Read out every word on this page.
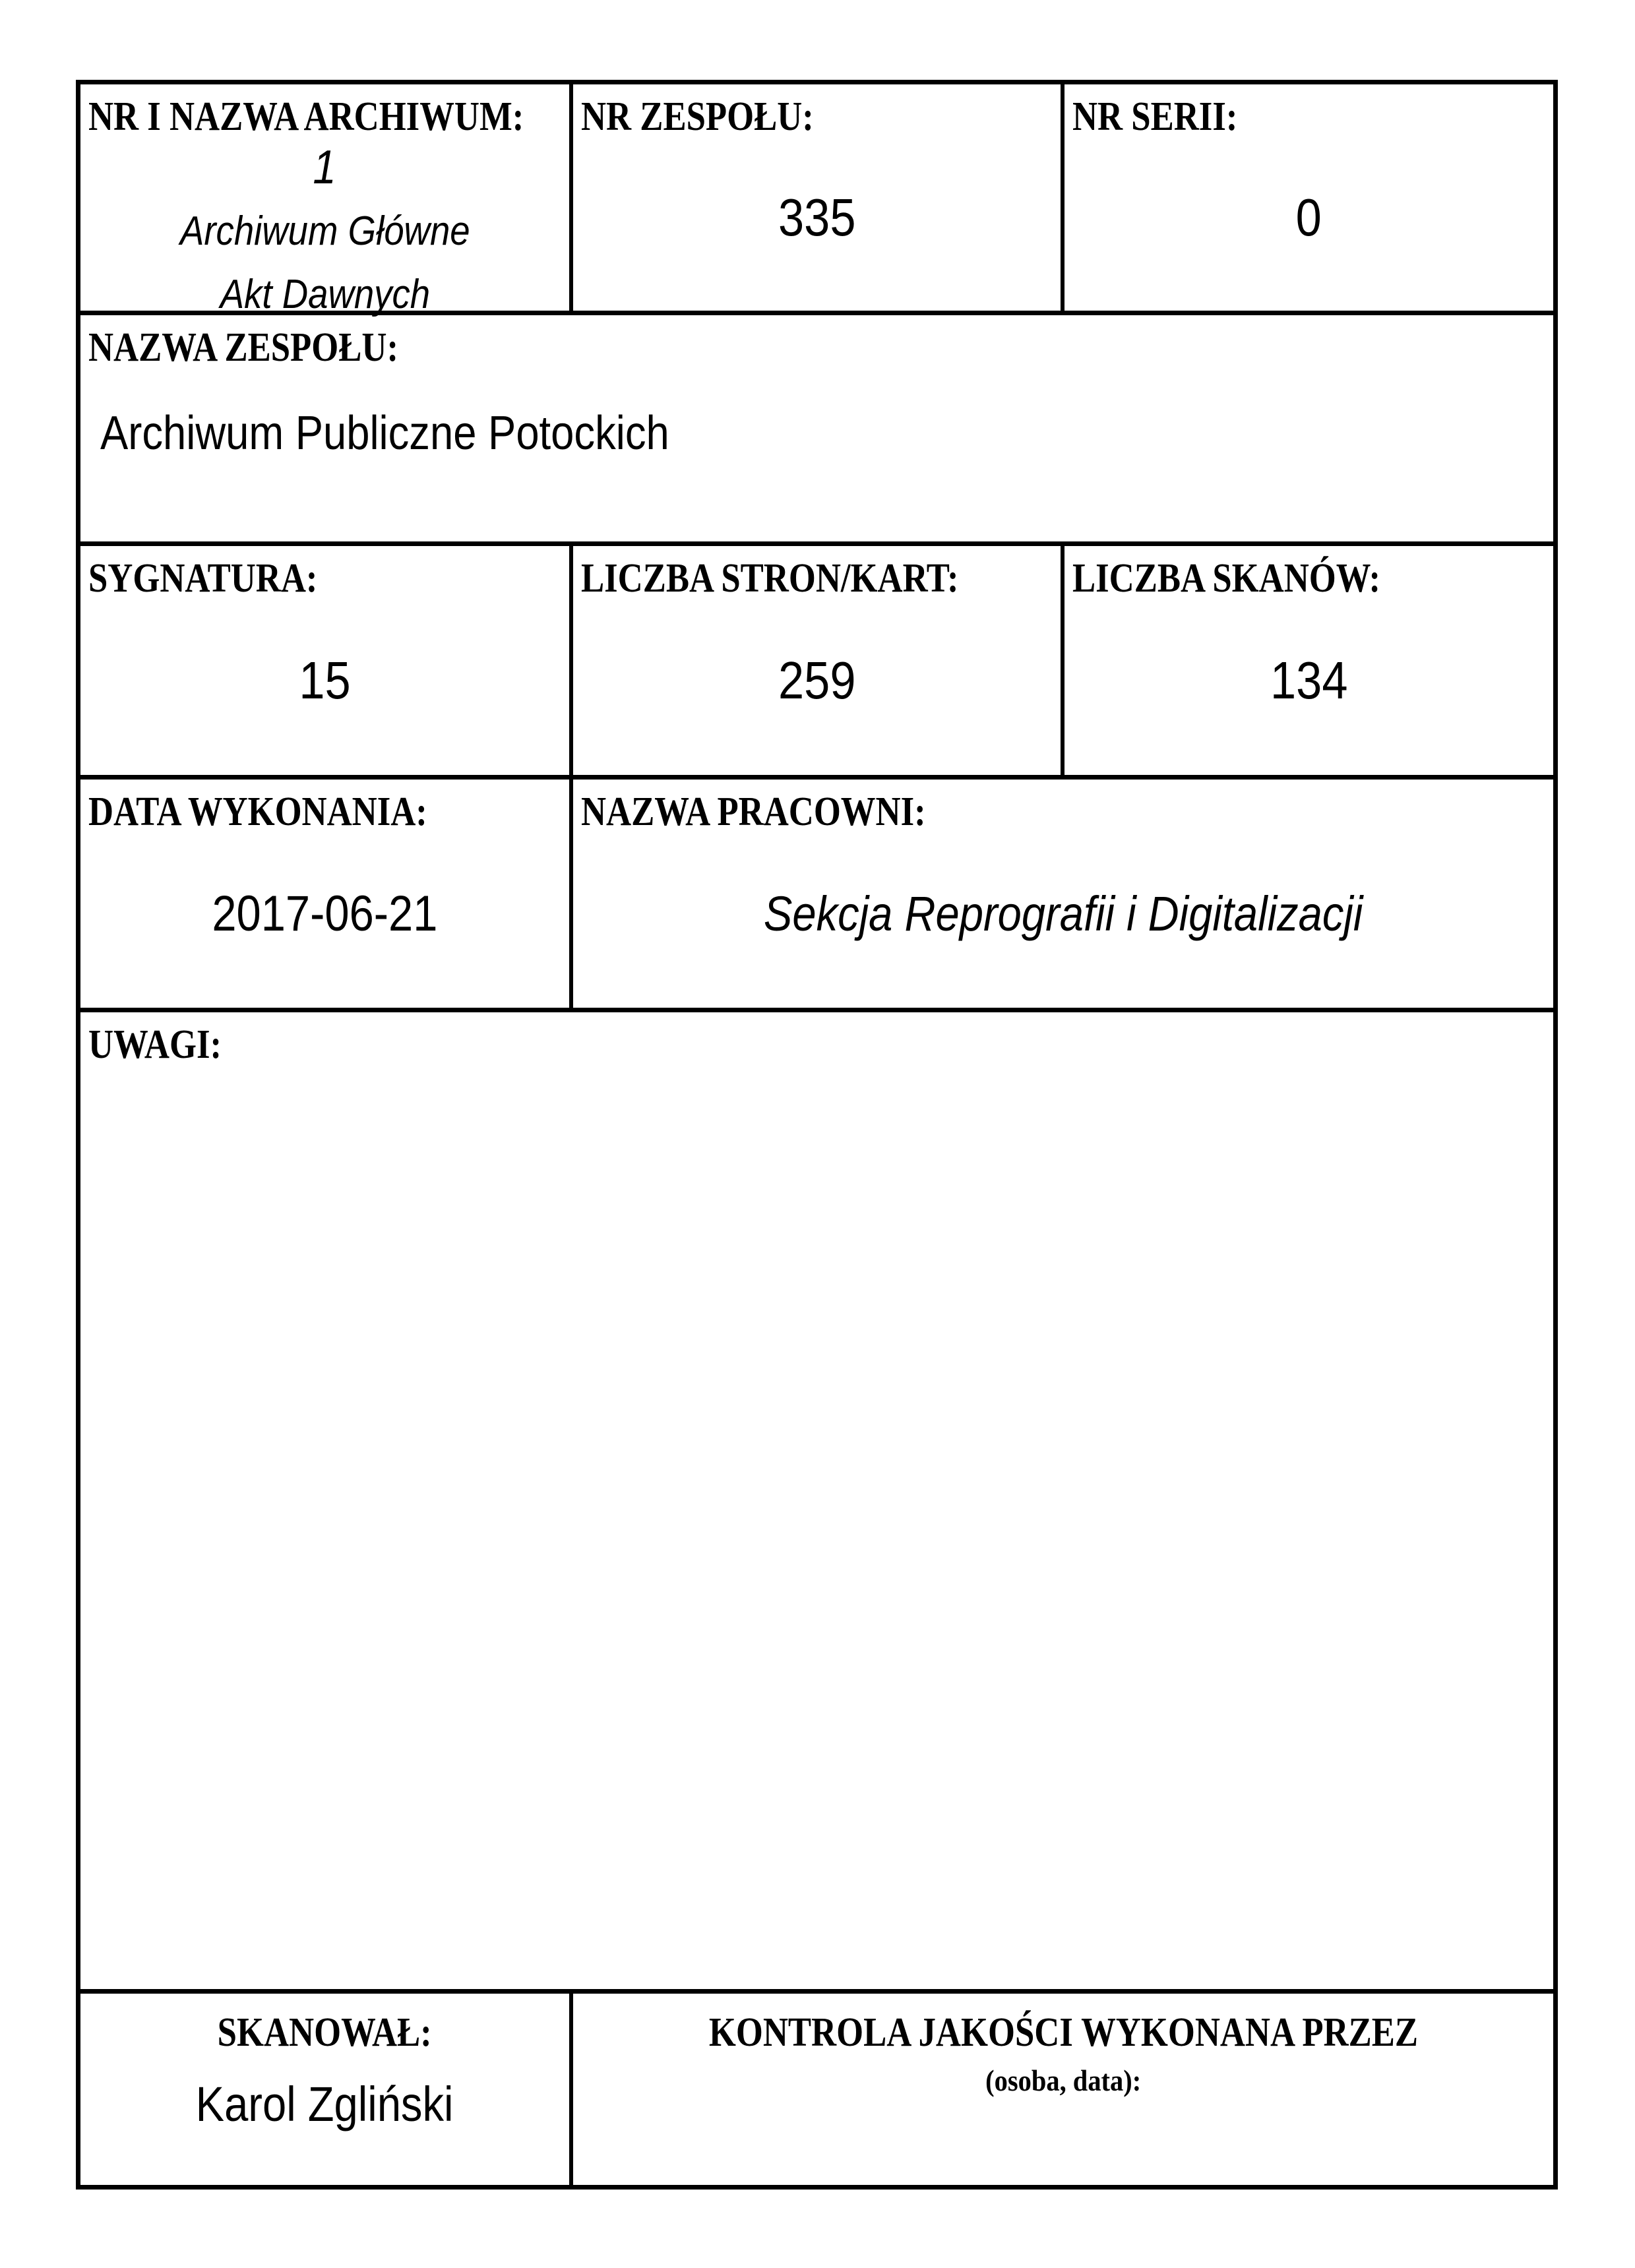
NR I NAZWA ARCHIWUM:
1
Archiwum Główne
Akt Dawnych
NR ZESPOŁU:
335
NR SERII:
0
NAZWA ZESPOŁU:
Archiwum Publiczne Potockich
SYGNATURA:
15
LICZBA STRON/KART:
259
LICZBA SKANÓW:
134
DATA WYKONANIA:
2017-06-21
NAZWA PRACOWNI:
Sekcja Reprografii i Digitalizacji
UWAGI:
SKANOWAŁ:
Karol Zgliński
KONTROLA JAKOŚCI WYKONANA PRZEZ
(osoba, data):
